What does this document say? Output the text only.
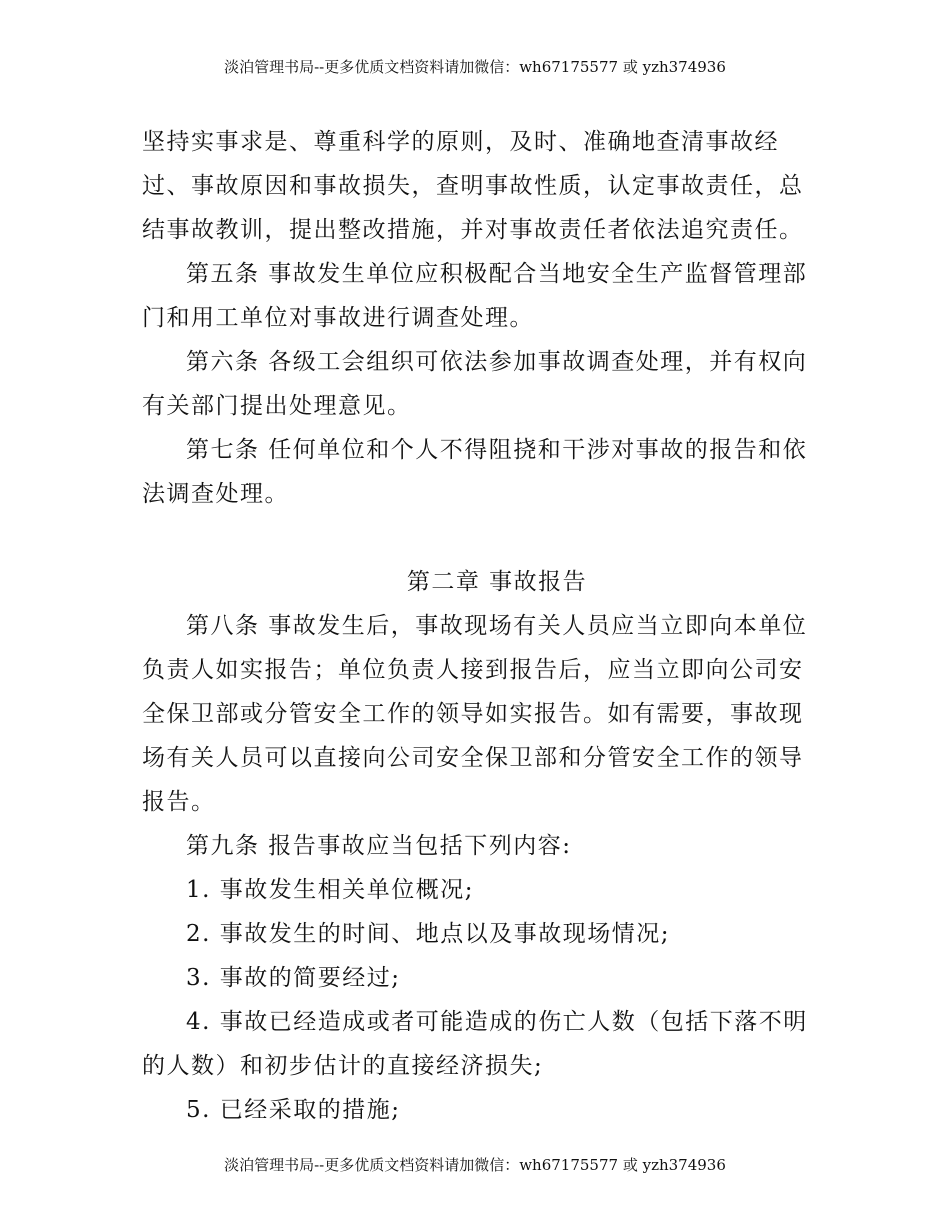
淡泊管理书局--更多优质文档资料请加微信：wh67175577 或 yzh374936

坚持实事求是、尊重科学的原则，及时、准确地查清事故经过、事故原因和事故损失，查明事故性质，认定事故责任，总结事故教训，提出整改措施，并对事故责任者依法追究责任。

第五条 事故发生单位应积极配合当地安全生产监督管理部门和用工单位对事故进行调查处理。

第六条 各级工会组织可依法参加事故调查处理，并有权向有关部门提出处理意见。

第七条 任何单位和个人不得阻挠和干涉对事故的报告和依法调查处理。

第二章 事故报告

第八条 事故发生后，事故现场有关人员应当立即向本单位负责人如实报告；单位负责人接到报告后，应当立即向公司安全保卫部或分管安全工作的领导如实报告。如有需要，事故现场有关人员可以直接向公司安全保卫部和分管安全工作的领导报告。

第九条 报告事故应当包括下列内容:

1. 事故发生相关单位概况;

2. 事故发生的时间、地点以及事故现场情况;

3. 事故的简要经过;

4. 事故已经造成或者可能造成的伤亡人数（包括下落不明的人数）和初步估计的直接经济损失;

5. 已经采取的措施;

淡泊管理书局--更多优质文档资料请加微信：wh67175577 或 yzh374936
